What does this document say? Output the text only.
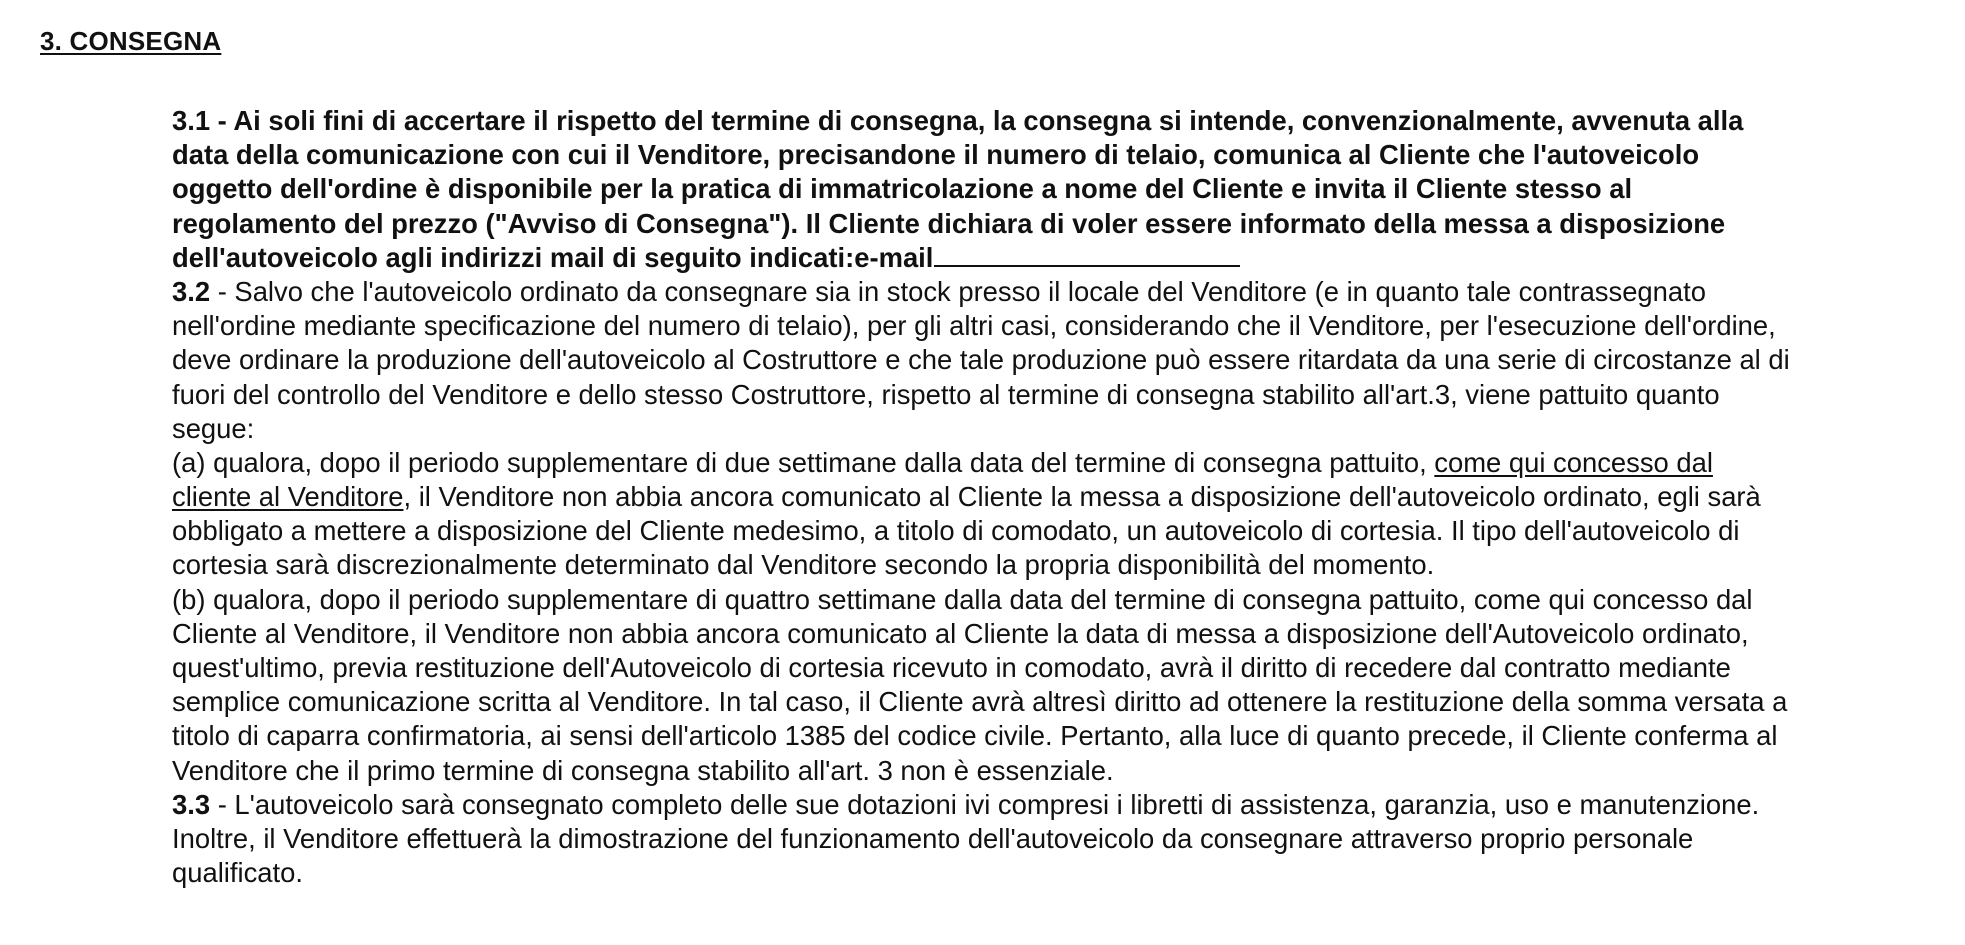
3. CONSEGNA
3.1 - Ai soli fini di accertare il rispetto del termine di consegna, la consegna si intende, convenzionalmente, avvenuta alla
data della comunicazione con cui il Venditore, precisandone il numero di telaio, comunica al Cliente che l'autoveicolo
oggetto dell'ordine è disponibile per la pratica di immatricolazione a nome del Cliente e invita il Cliente stesso al
regolamento del prezzo ("Avviso di Consegna"). Il Cliente dichiara di voler essere informato della messa a disposizione
dell'autoveicolo agli indirizzi mail di seguito indicati:e-mail
3.2 - Salvo che l'autoveicolo ordinato da consegnare sia in stock presso il locale del Venditore (e in quanto tale contrassegnato
nell'ordine mediante specificazione del numero di telaio), per gli altri casi, considerando che il Venditore, per l'esecuzione dell'ordine,
deve ordinare la produzione dell'autoveicolo al Costruttore e che tale produzione può essere ritardata da una serie di circostanze al di
fuori del controllo del Venditore e dello stesso Costruttore, rispetto al termine di consegna stabilito all'art.3, viene pattuito quanto
segue:
(a) qualora, dopo il periodo supplementare di due settimane dalla data del termine di consegna pattuito, come qui concesso dal
cliente al Venditore, il Venditore non abbia ancora comunicato al Cliente la messa a disposizione dell'autoveicolo ordinato, egli sarà
obbligato a mettere a disposizione del Cliente medesimo, a titolo di comodato, un autoveicolo di cortesia. Il tipo dell'autoveicolo di
cortesia sarà discrezionalmente determinato dal Venditore secondo la propria disponibilità del momento.
(b) qualora, dopo il periodo supplementare di quattro settimane dalla data del termine di consegna pattuito, come qui concesso dal
Cliente al Venditore, il Venditore non abbia ancora comunicato al Cliente la data di messa a disposizione dell'Autoveicolo ordinato,
quest'ultimo, previa restituzione dell'Autoveicolo di cortesia ricevuto in comodato, avrà il diritto di recedere dal contratto mediante
semplice comunicazione scritta al Venditore. In tal caso, il Cliente avrà altresì diritto ad ottenere la restituzione della somma versata a
titolo di caparra confirmatoria, ai sensi dell'articolo 1385 del codice civile. Pertanto, alla luce di quanto precede, il Cliente conferma al
Venditore che il primo termine di consegna stabilito all'art. 3 non è essenziale.
3.3 - L'autoveicolo sarà consegnato completo delle sue dotazioni ivi compresi i libretti di assistenza, garanzia, uso e manutenzione.
Inoltre, il Venditore effettuerà la dimostrazione del funzionamento dell'autoveicolo da consegnare attraverso proprio personale
qualificato.
